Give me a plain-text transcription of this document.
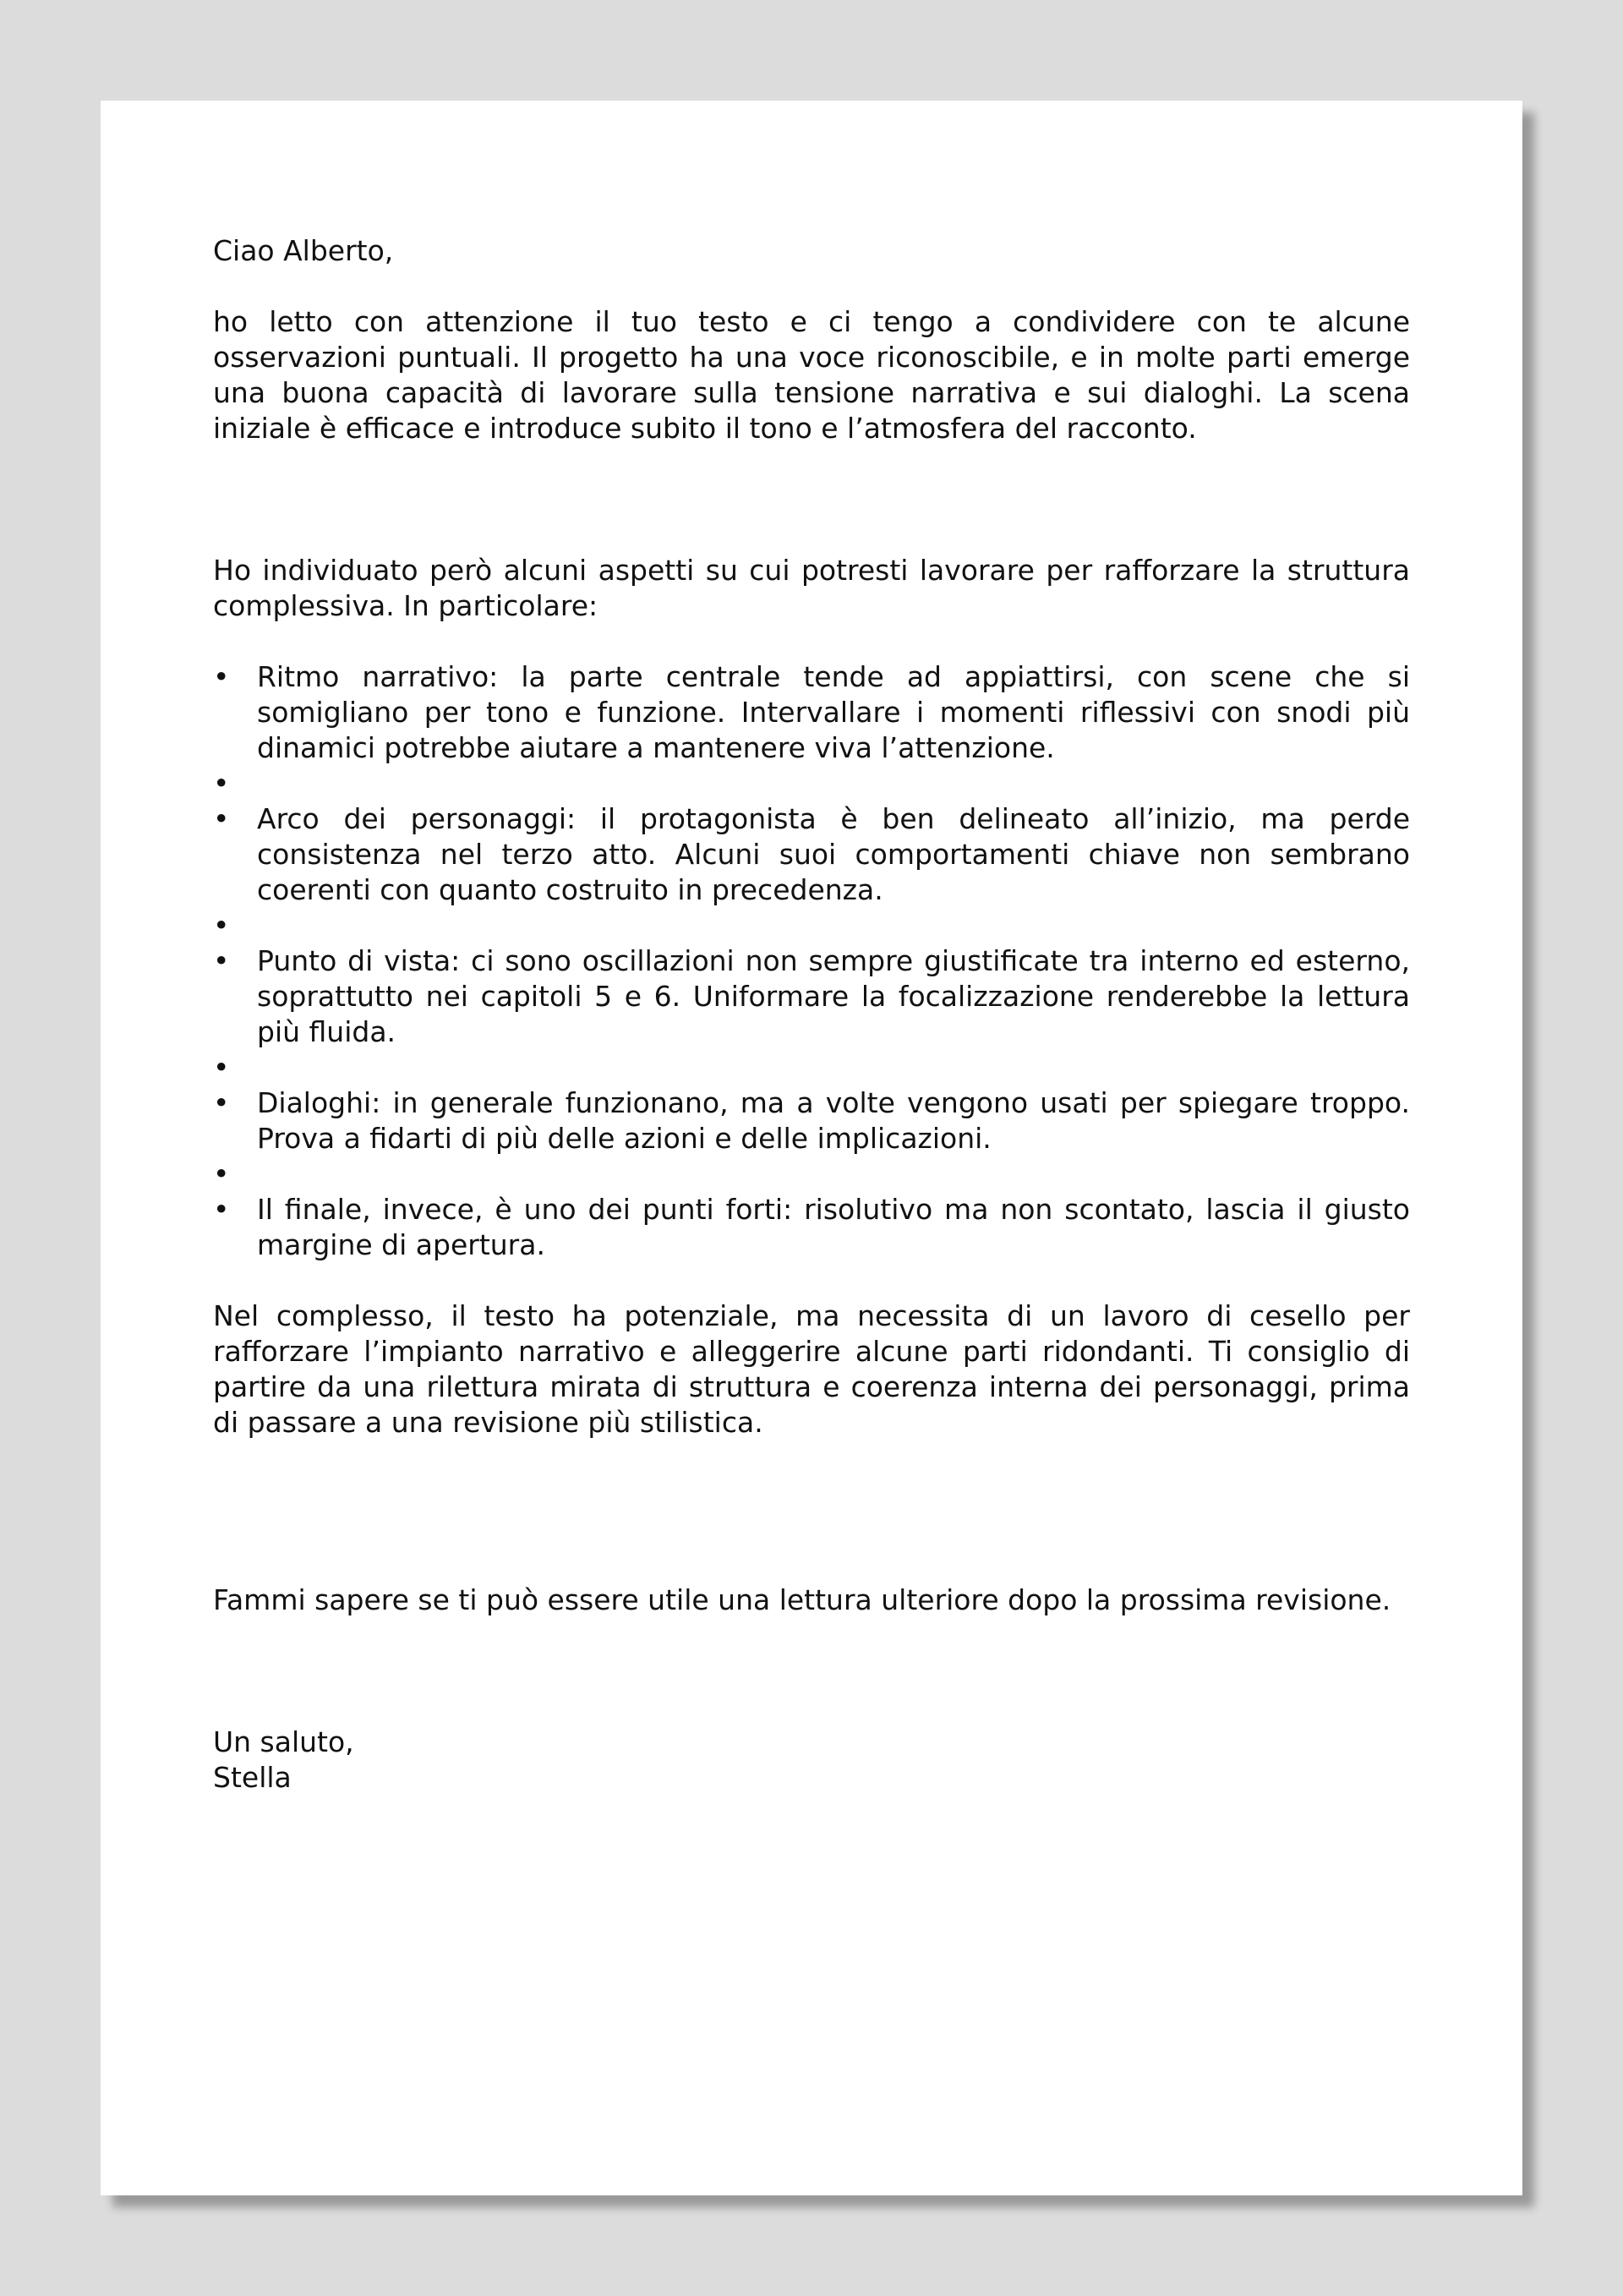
Ciao Alberto,

ho letto con attenzione il tuo testo e ci tengo a condividere con te alcune osservazioni puntuali. Il progetto ha una voce riconoscibile, e in molte parti emerge una buona capacità di lavorare sulla tensione narrativa e sui dialoghi. La scena iniziale è efficace e introduce subito il tono e l’atmosfera del racconto.

Ho individuato però alcuni aspetti su cui potresti lavorare per rafforzare la struttura complessiva. In particolare:

• Ritmo narrativo: la parte centrale tende ad appiattirsi, con scene che si somigliano per tono e funzione. Intervallare i momenti riflessivi con snodi più dinamici potrebbe aiutare a mantenere viva l’attenzione.
•
• Arco dei personaggi: il protagonista è ben delineato all’inizio, ma perde consistenza nel terzo atto. Alcuni suoi comportamenti chiave non sembrano coerenti con quanto costruito in precedenza.
•
• Punto di vista: ci sono oscillazioni non sempre giustificate tra interno ed esterno, soprattutto nei capitoli 5 e 6. Uniformare la focalizzazione renderebbe la lettura più fluida.
•
• Dialoghi: in generale funzionano, ma a volte vengono usati per spiegare troppo. Prova a fidarti di più delle azioni e delle implicazioni.
•
• Il finale, invece, è uno dei punti forti: risolutivo ma non scontato, lascia il giusto margine di apertura.

Nel complesso, il testo ha potenziale, ma necessita di un lavoro di cesello per rafforzare l’impianto narrativo e alleggerire alcune parti ridondanti. Ti consiglio di partire da una rilettura mirata di struttura e coerenza interna dei personaggi, prima di passare a una revisione più stilistica.

Fammi sapere se ti può essere utile una lettura ulteriore dopo la prossima revisione.

Un saluto,

Stella
